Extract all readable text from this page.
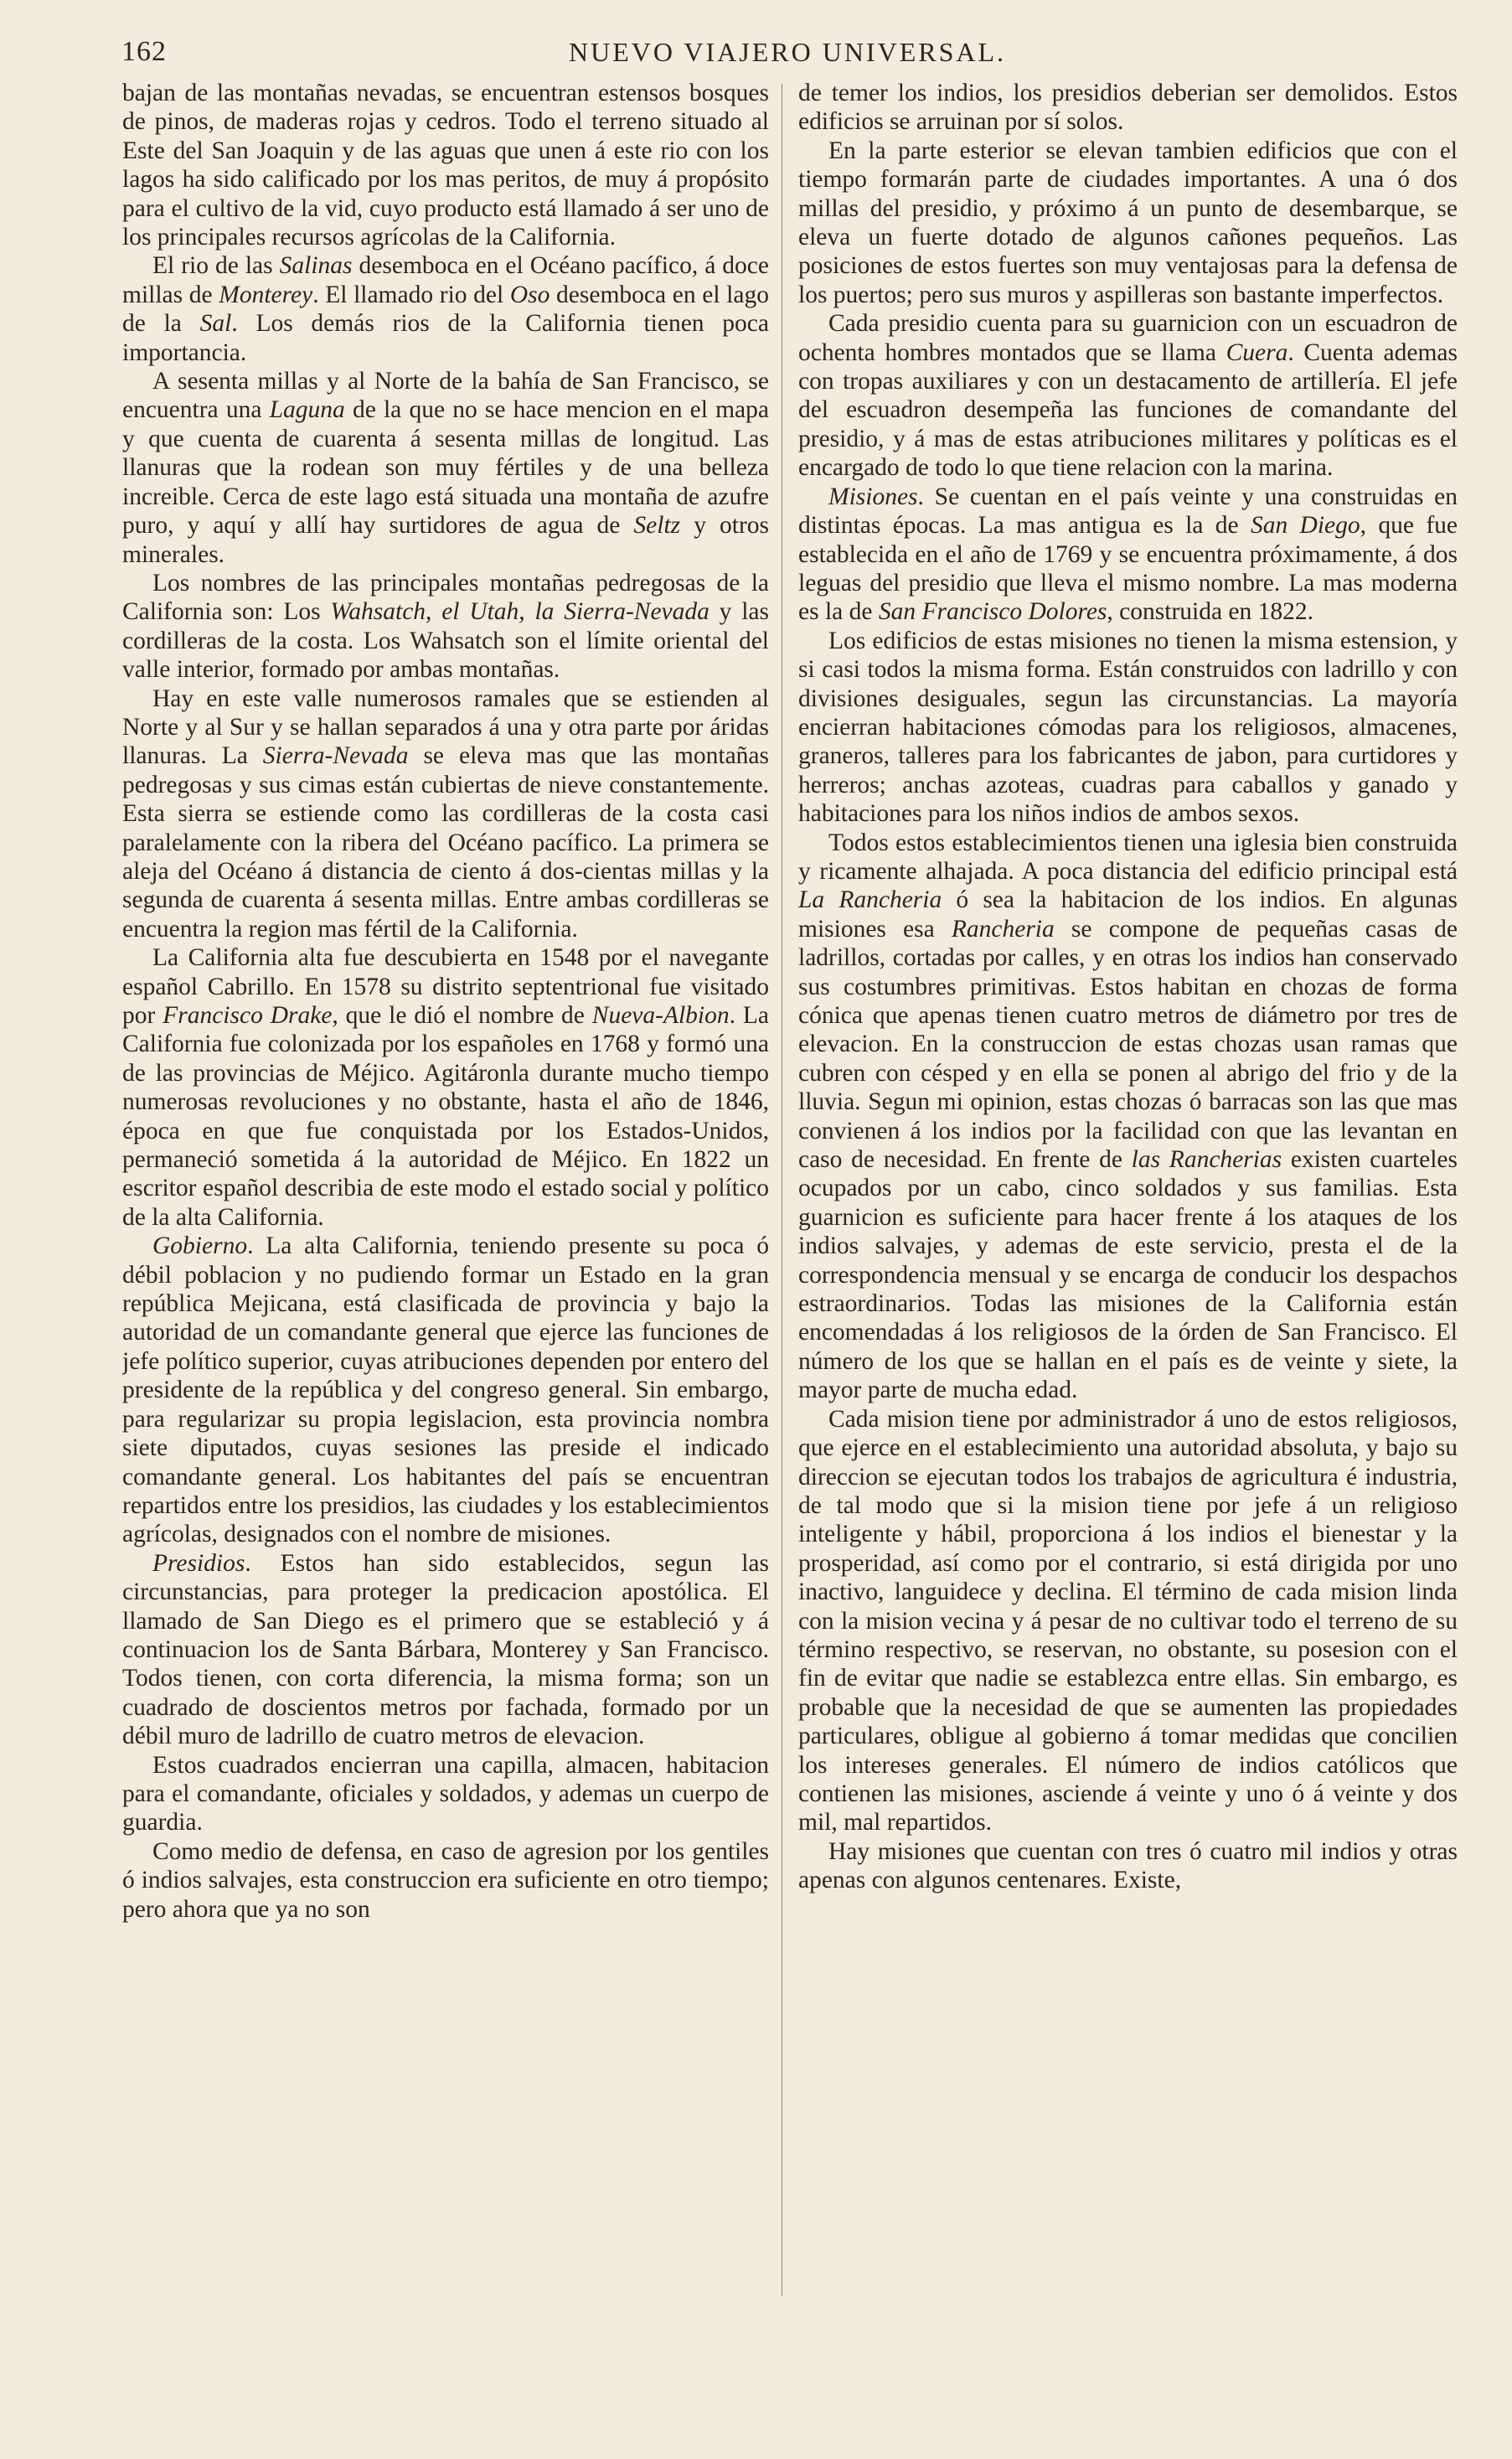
162	NUEVO VIAJERO UNIVERSAL.

bajan de las montañas nevadas, se encuentran estensos bosques de pinos, de maderas rojas y cedros. Todo el terreno situado al Este del San Joaquin y de las aguas que unen á este rio con los lagos ha sido calificado por los mas peritos, de muy á propósito para el cultivo de la vid, cuyo producto está llamado á ser uno de los principales recursos agrícolas de la California.

El rio de las Salinas desemboca en el Océano pacífico, á doce millas de Monterey. El llamado rio del Oso desemboca en el lago de la Sal. Los demás rios de la California tienen poca importancia.

A sesenta millas y al Norte de la bahía de San Francisco, se encuentra una Laguna de la que no se hace mencion en el mapa y que cuenta de cuarenta á sesenta millas de longitud. Las llanuras que la rodean son muy fértiles y de una belleza increible. Cerca de este lago está situada una montaña de azufre puro, y aquí y allí hay surtidores de agua de Seltz y otros minerales.

Los nombres de las principales montañas pedregosas de la California son: Los Wahsatch, el Utah, la Sierra-Nevada y las cordilleras de la costa. Los Wahsatch son el límite oriental del valle interior, formado por ambas montañas.

Hay en este valle numerosos ramales que se estienden al Norte y al Sur y se hallan separados á una y otra parte por áridas llanuras. La Sierra-Nevada se eleva mas que las montañas pedregosas y sus cimas están cubiertas de nieve constantemente. Esta sierra se estiende como las cordilleras de la costa casi paralelamente con la ribera del Océano pacífico. La primera se aleja del Océano á distancia de ciento á dos-cientas millas y la segunda de cuarenta á sesenta millas. Entre ambas cordilleras se encuentra la region mas fértil de la California.

La California alta fue descubierta en 1548 por el navegante español Cabrillo. En 1578 su distrito septentrional fue visitado por Francisco Drake, que le dió el nombre de Nueva-Albion. La California fue colonizada por los españoles en 1768 y formó una de las provincias de Méjico. Agitáronla durante mucho tiempo numerosas revoluciones y no obstante, hasta el año de 1846, época en que fue conquistada por los Estados-Unidos, permaneció sometida á la autoridad de Méjico. En 1822 un escritor español describia de este modo el estado social y político de la alta California.

Gobierno. La alta California, teniendo presente su poca ó débil poblacion y no pudiendo formar un Estado en la gran república Mejicana, está clasificada de provincia y bajo la autoridad de un comandante general que ejerce las funciones de jefe político superior, cuyas atribuciones dependen por entero del presidente de la república y del congreso general. Sin embargo, para regularizar su propia legislacion, esta provincia nombra siete diputados, cuyas sesiones las preside el indicado comandante general. Los habitantes del país se encuentran repartidos entre los presidios, las ciudades y los establecimientos agrícolas, designados con el nombre de misiones.

Presidios. Estos han sido establecidos, segun las circunstancias, para proteger la predicacion apostólica. El llamado de San Diego es el primero que se estableció y á continuacion los de Santa Bárbara, Monterey y San Francisco. Todos tienen, con corta diferencia, la misma forma; son un cuadrado de doscientos metros por fachada, formado por un débil muro de ladrillo de cuatro metros de elevacion.

Estos cuadrados encierran una capilla, almacen, habitacion para el comandante, oficiales y soldados, y ademas un cuerpo de guardia.

Como medio de defensa, en caso de agresion por los gentiles ó indios salvajes, esta construccion era suficiente en otro tiempo; pero ahora que ya no son

de temer los indios, los presidios deberian ser demolidos. Estos edificios se arruinan por sí solos.

En la parte esterior se elevan tambien edificios que con el tiempo formarán parte de ciudades importantes. A una ó dos millas del presidio, y próximo á un punto de desembarque, se eleva un fuerte dotado de algunos cañones pequeños. Las posiciones de estos fuertes son muy ventajosas para la defensa de los puertos; pero sus muros y aspilleras son bastante imperfectos.

Cada presidio cuenta para su guarnicion con un escuadron de ochenta hombres montados que se llama Cuera. Cuenta ademas con tropas auxiliares y con un destacamento de artillería. El jefe del escuadron desempeña las funciones de comandante del presidio, y á mas de estas atribuciones militares y políticas es el encargado de todo lo que tiene relacion con la marina.

Misiones. Se cuentan en el país veinte y una construidas en distintas épocas. La mas antigua es la de San Diego, que fue establecida en el año de 1769 y se encuentra próximamente, á dos leguas del presidio que lleva el mismo nombre. La mas moderna es la de San Francisco Dolores, construida en 1822.

Los edificios de estas misiones no tienen la misma estension, y si casi todos la misma forma. Están construidos con ladrillo y con divisiones desiguales, segun las circunstancias. La mayoría encierran habitaciones cómodas para los religiosos, almacenes, graneros, talleres para los fabricantes de jabon, para curtidores y herreros; anchas azoteas, cuadras para caballos y ganado y habitaciones para los niños indios de ambos sexos.

Todos estos establecimientos tienen una iglesia bien construida y ricamente alhajada. A poca distancia del edificio principal está La Rancheria ó sea la habitacion de los indios. En algunas misiones esa Rancheria se compone de pequeñas casas de ladrillos, cortadas por calles, y en otras los indios han conservado sus costumbres primitivas. Estos habitan en chozas de forma cónica que apenas tienen cuatro metros de diámetro por tres de elevacion. En la construccion de estas chozas usan ramas que cubren con césped y en ella se ponen al abrigo del frio y de la lluvia. Segun mi opinion, estas chozas ó barracas son las que mas convienen á los indios por la facilidad con que las levantan en caso de necesidad. En frente de las Rancherias existen cuarteles ocupados por un cabo, cinco soldados y sus familias. Esta guarnicion es suficiente para hacer frente á los ataques de los indios salvajes, y ademas de este servicio, presta el de la correspondencia mensual y se encarga de conducir los despachos estraordinarios. Todas las misiones de la California están encomendadas á los religiosos de la órden de San Francisco. El número de los que se hallan en el país es de veinte y siete, la mayor parte de mucha edad.

Cada mision tiene por administrador á uno de estos religiosos, que ejerce en el establecimiento una autoridad absoluta, y bajo su direccion se ejecutan todos los trabajos de agricultura é industria, de tal modo que si la mision tiene por jefe á un religioso inteligente y hábil, proporciona á los indios el bienestar y la prosperidad, así como por el contrario, si está dirigida por uno inactivo, languidece y declina. El término de cada mision linda con la mision vecina y á pesar de no cultivar todo el terreno de su término respectivo, se reservan, no obstante, su posesion con el fin de evitar que nadie se establezca entre ellas. Sin embargo, es probable que la necesidad de que se aumenten las propiedades particulares, obligue al gobierno á tomar medidas que concilien los intereses generales. El número de indios católicos que contienen las misiones, asciende á veinte y uno ó á veinte y dos mil, mal repartidos.

Hay misiones que cuentan con tres ó cuatro mil indios y otras apenas con algunos centenares. Existe,
